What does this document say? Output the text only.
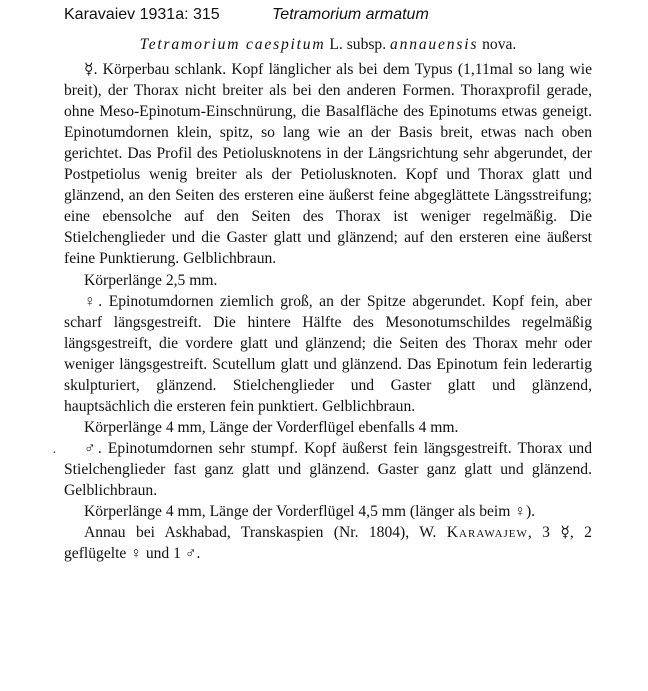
Karavaiev 1931a: 315	Tetramorium armatum
Tetramorium caespitum L. subsp. annauensis nova.

☿. Körperbau schlank. Kopf länglicher als bei dem Typus (1,11mal so lang wie breit), der Thorax nicht breiter als bei den anderen Formen. Thoraxprofil gerade, ohne Meso-Epinotum-Einschnürung, die Basalfläche des Epinotums etwas geneigt. Epinotumdornen klein, spitz, so lang wie an der Basis breit, etwas nach oben gerichtet. Das Profil des Petiolusknotens in der Längsrichtung sehr abgerundet, der Postpetiolus wenig breiter als der Petiolusknoten. Kopf und Thorax glatt und glänzend, an den Seiten des ersteren eine äußerst feine abgeglättete Längsstreifung; eine ebensolche auf den Seiten des Thorax ist weniger regelmäßig. Die Stielchenglieder und die Gaster glatt und glänzend; auf den ersteren eine äußerst feine Punktierung. Gelblichbraun.

Körperlänge 2,5 mm.

♀. Epinotumdornen ziemlich groß, an der Spitze abgerundet. Kopf fein, aber scharf längsgestreift. Die hintere Hälfte des Mesonotumschildes regelmäßig längsgestreift, die vordere glatt und glänzend; die Seiten des Thorax mehr oder weniger längsgestreift. Scutellum glatt und glänzend. Das Epinotum fein lederartig skulpturiert, glänzend. Stielchenglieder und Gaster glatt und glänzend, hauptsächlich die ersteren fein punktiert. Gelblichbraun.

Körperlänge 4 mm, Länge der Vorderflügel ebenfalls 4 mm.

♂. Epinotumdornen sehr stumpf. Kopf äußerst fein längsgestreift. Thorax und Stielchenglieder fast ganz glatt und glänzend. Gaster ganz glatt und glänzend. Gelblichbraun.

Körperlänge 4 mm, Länge der Vorderflügel 4,5 mm (länger als beim ♀).

Annau bei Askhabad, Transkaspien (Nr. 1804), W. Karawajew, 3 ☿, 2 geflügelte ♀ und 1 ♂.

·
